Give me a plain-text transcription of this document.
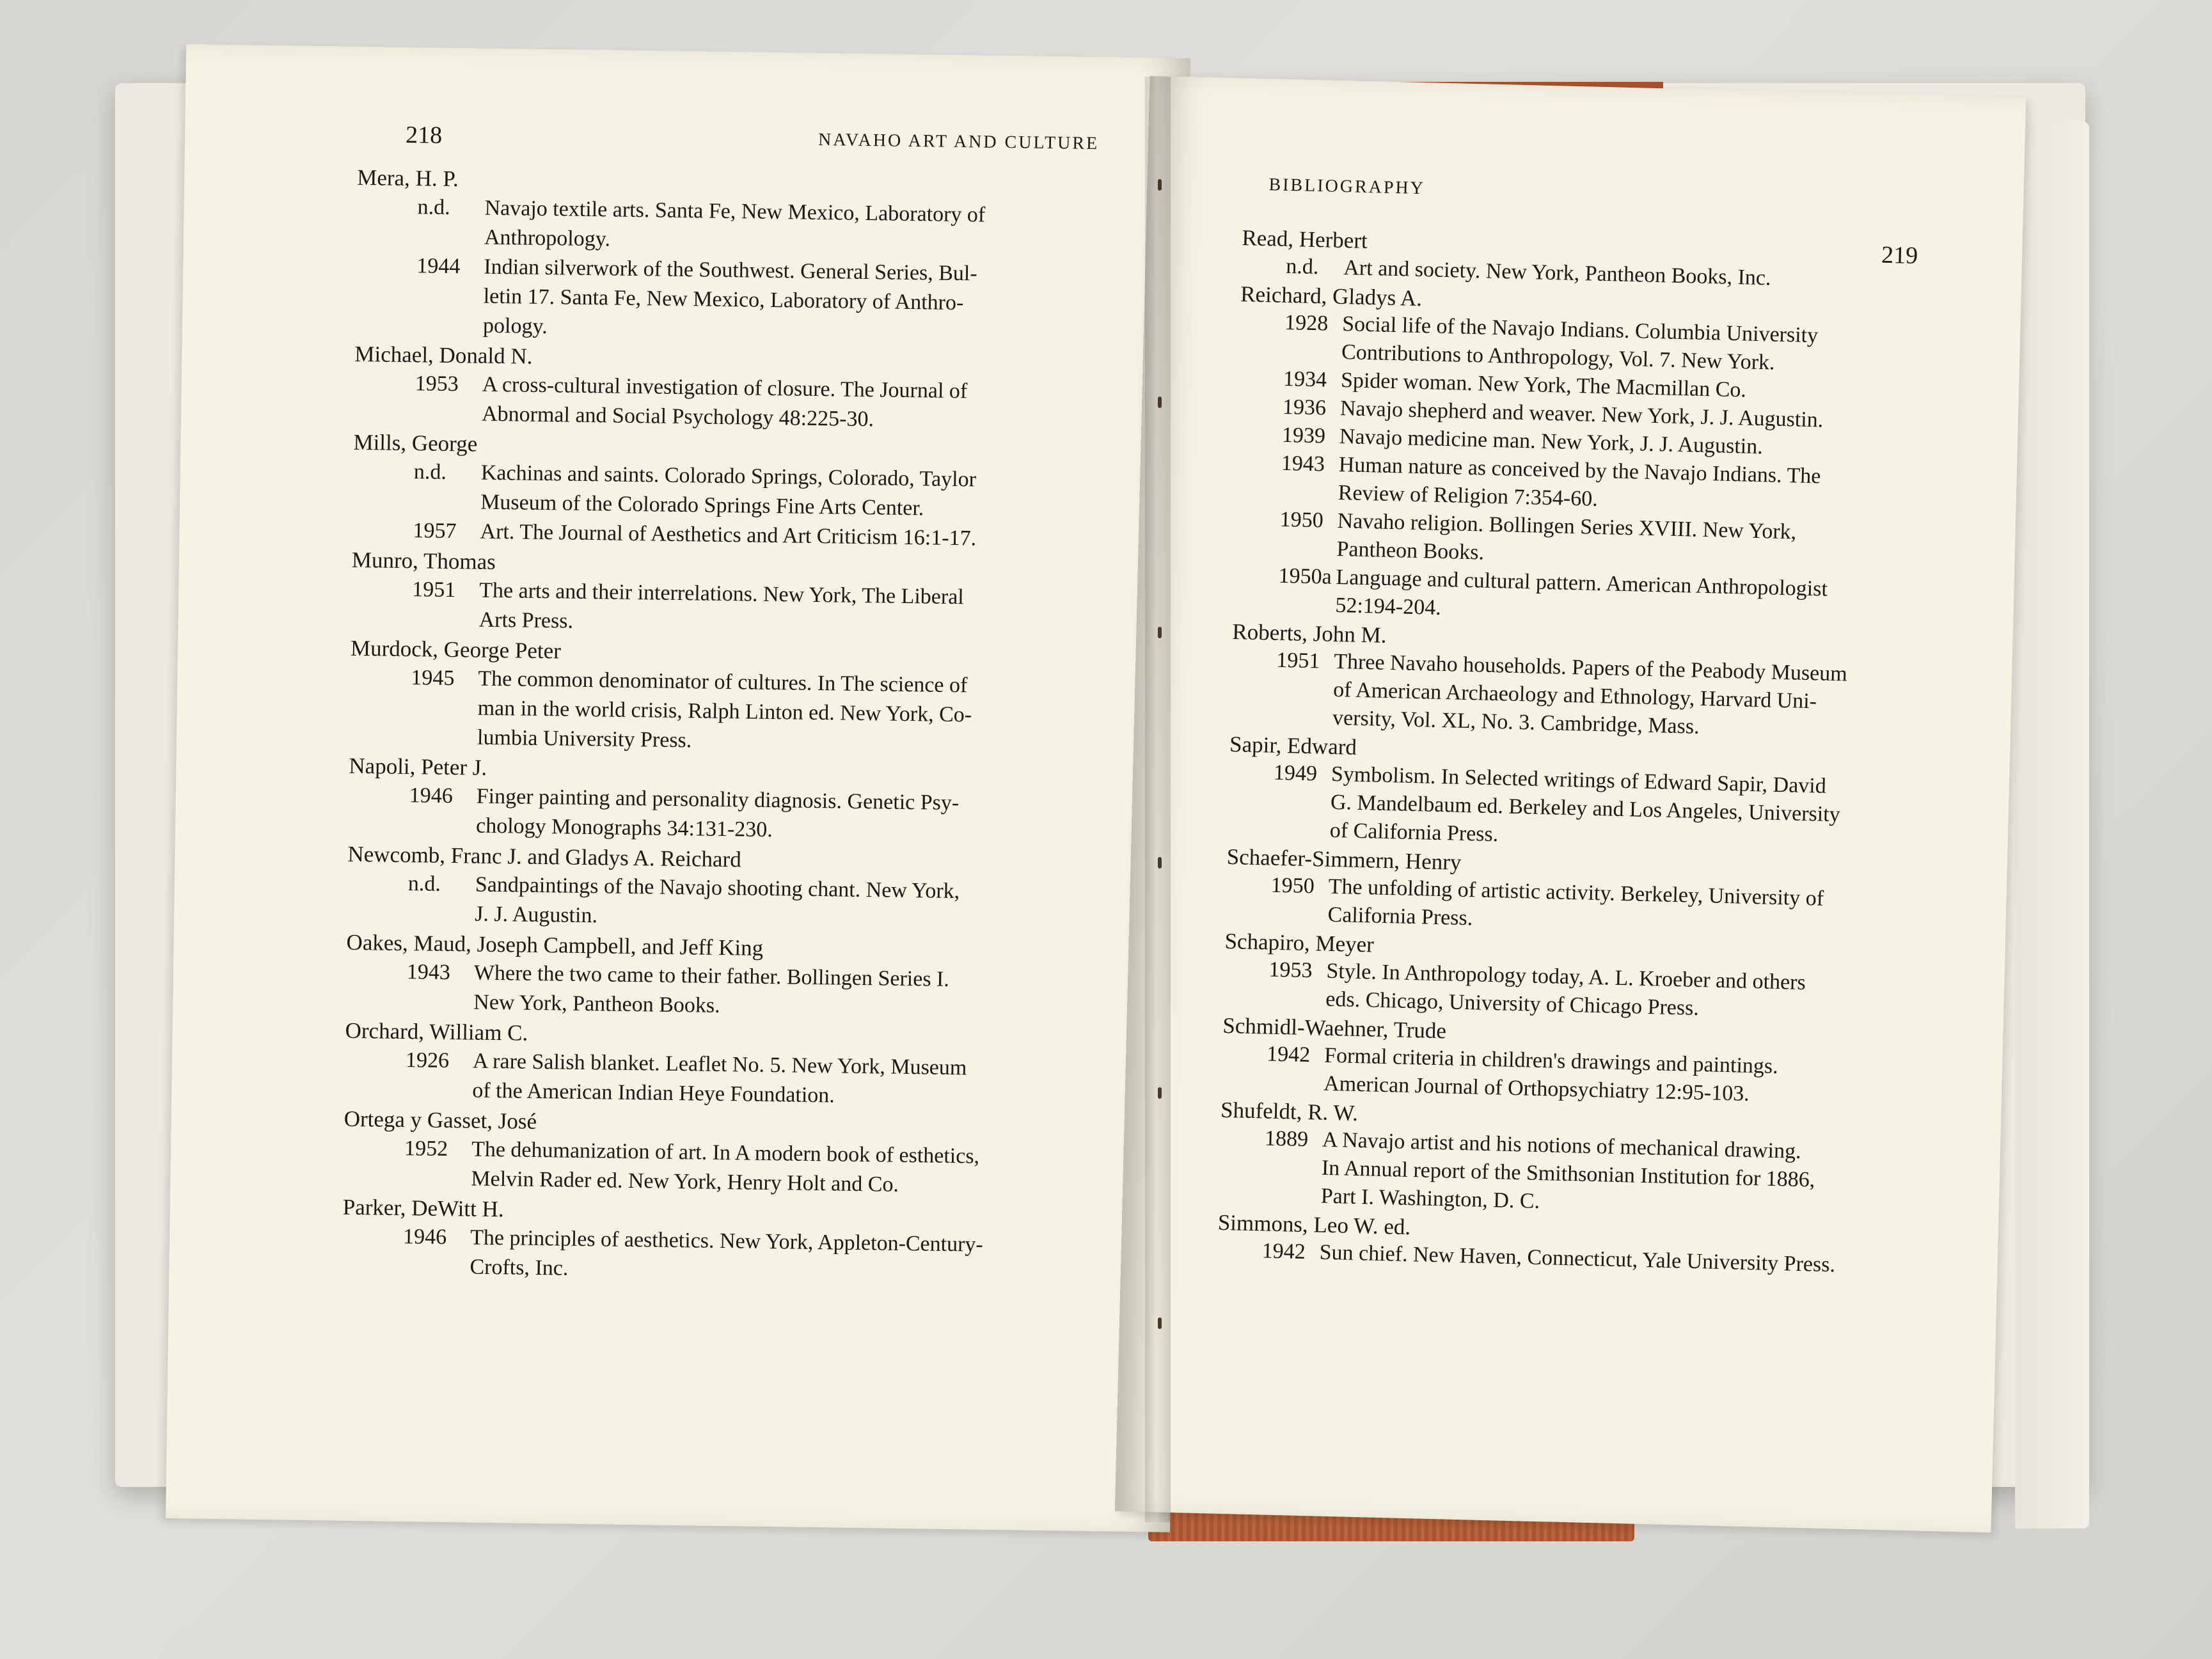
218	NAVAHO ART AND CULTURE
Mera, H. P.
n.d. Navajo textile arts. Santa Fe, New Mexico, Laboratory of
Anthropology.
1944 Indian silverwork of the Southwest. General Series, Bul-
letin 17. Santa Fe, New Mexico, Laboratory of Anthro-
pology.
Michael, Donald N.
1953 A cross-cultural investigation of closure. The Journal of
Abnormal and Social Psychology 48:225-30.
Mills, George
n.d. Kachinas and saints. Colorado Springs, Colorado, Taylor
Museum of the Colorado Springs Fine Arts Center.
1957 Art. The Journal of Aesthetics and Art Criticism 16:1-17.
Munro, Thomas
1951 The arts and their interrelations. New York, The Liberal
Arts Press.
Murdock, George Peter
1945 The common denominator of cultures. In The science of
man in the world crisis, Ralph Linton ed. New York, Co-
lumbia University Press.
Napoli, Peter J.
1946 Finger painting and personality diagnosis. Genetic Psy-
chology Monographs 34:131-230.
Newcomb, Franc J. and Gladys A. Reichard
n.d. Sandpaintings of the Navajo shooting chant. New York,
J. J. Augustin.
Oakes, Maud, Joseph Campbell, and Jeff King
1943 Where the two came to their father. Bollingen Series I.
New York, Pantheon Books.
Orchard, William C.
1926 A rare Salish blanket. Leaflet No. 5. New York, Museum
of the American Indian Heye Foundation.
Ortega y Gasset, José
1952 The dehumanization of art. In A modern book of esthetics,
Melvin Rader ed. New York, Henry Holt and Co.
Parker, DeWitt H.
1946 The principles of aesthetics. New York, Appleton-Century-
Crofts, Inc.
BIBLIOGRAPHY
219
Read, Herbert
n.d. Art and society. New York, Pantheon Books, Inc.
Reichard, Gladys A.
1928 Social life of the Navajo Indians. Columbia University
Contributions to Anthropology, Vol. 7. New York.
1934 Spider woman. New York, The Macmillan Co.
1936 Navajo shepherd and weaver. New York, J. J. Augustin.
1939 Navajo medicine man. New York, J. J. Augustin.
1943 Human nature as conceived by the Navajo Indians. The
Review of Religion 7:354-60.
1950 Navaho religion. Bollingen Series XVIII. New York,
Pantheon Books.
1950a Language and cultural pattern. American Anthropologist
52:194-204.
Roberts, John M.
1951 Three Navaho households. Papers of the Peabody Museum
of American Archaeology and Ethnology, Harvard Uni-
versity, Vol. XL, No. 3. Cambridge, Mass.
Sapir, Edward
1949 Symbolism. In Selected writings of Edward Sapir, David
G. Mandelbaum ed. Berkeley and Los Angeles, University
of California Press.
Schaefer-Simmern, Henry
1950 The unfolding of artistic activity. Berkeley, University of
California Press.
Schapiro, Meyer
1953 Style. In Anthropology today, A. L. Kroeber and others
eds. Chicago, University of Chicago Press.
Schmidl-Waehner, Trude
1942 Formal criteria in children's drawings and paintings.
American Journal of Orthopsychiatry 12:95-103.
Shufeldt, R. W.
1889 A Navajo artist and his notions of mechanical drawing.
In Annual report of the Smithsonian Institution for 1886,
Part I. Washington, D. C.
Simmons, Leo W. ed.
1942 Sun chief. New Haven, Connecticut, Yale University Press.
